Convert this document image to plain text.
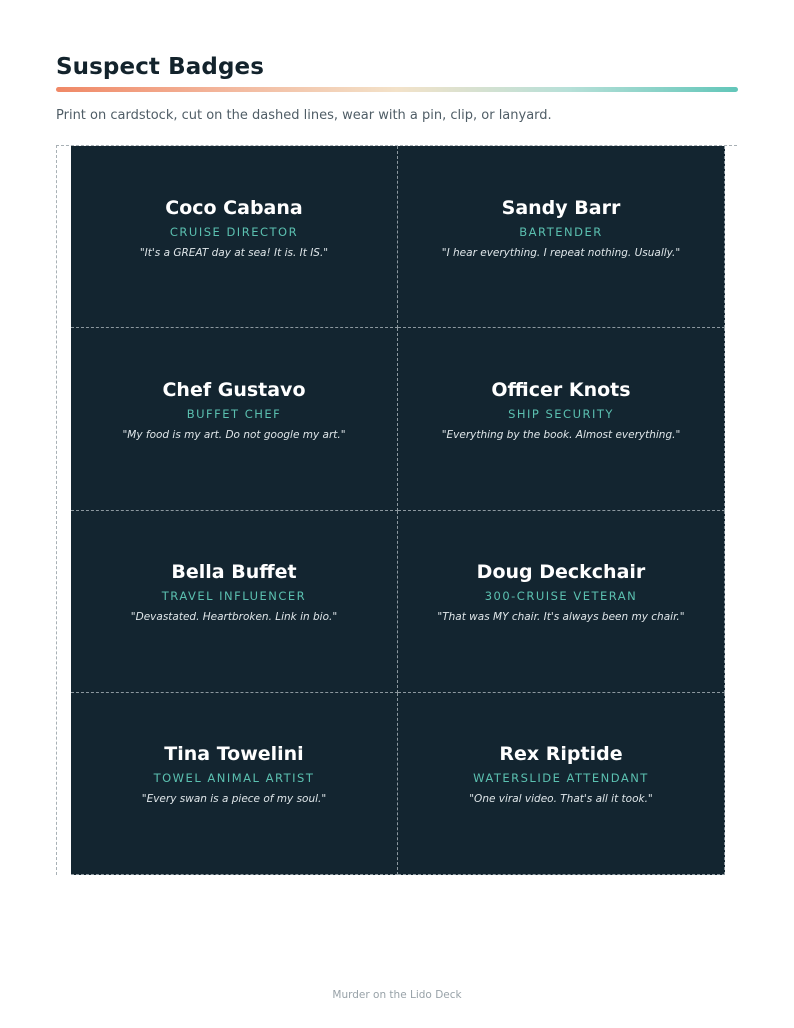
Suspect Badges

Print on cardstock, cut on the dashed lines, wear with a pin, clip, or lanyard.

Coco Cabana
CRUISE DIRECTOR
"It's a GREAT day at sea! It is. It IS."
Sandy Barr
BARTENDER
"I hear everything. I repeat nothing. Usually."
Chef Gustavo
BUFFET CHEF
"My food is my art. Do not google my art."
Officer Knots
SHIP SECURITY
"Everything by the book. Almost everything."
Bella Buffet
TRAVEL INFLUENCER
"Devastated. Heartbroken. Link in bio."
Doug Deckchair
300-CRUISE VETERAN
"That was MY chair. It's always been my chair."
Tina Towelini
TOWEL ANIMAL ARTIST
"Every swan is a piece of my soul."
Rex Riptide
WATERSLIDE ATTENDANT
"One viral video. That's all it took."
Murder on the Lido Deck
